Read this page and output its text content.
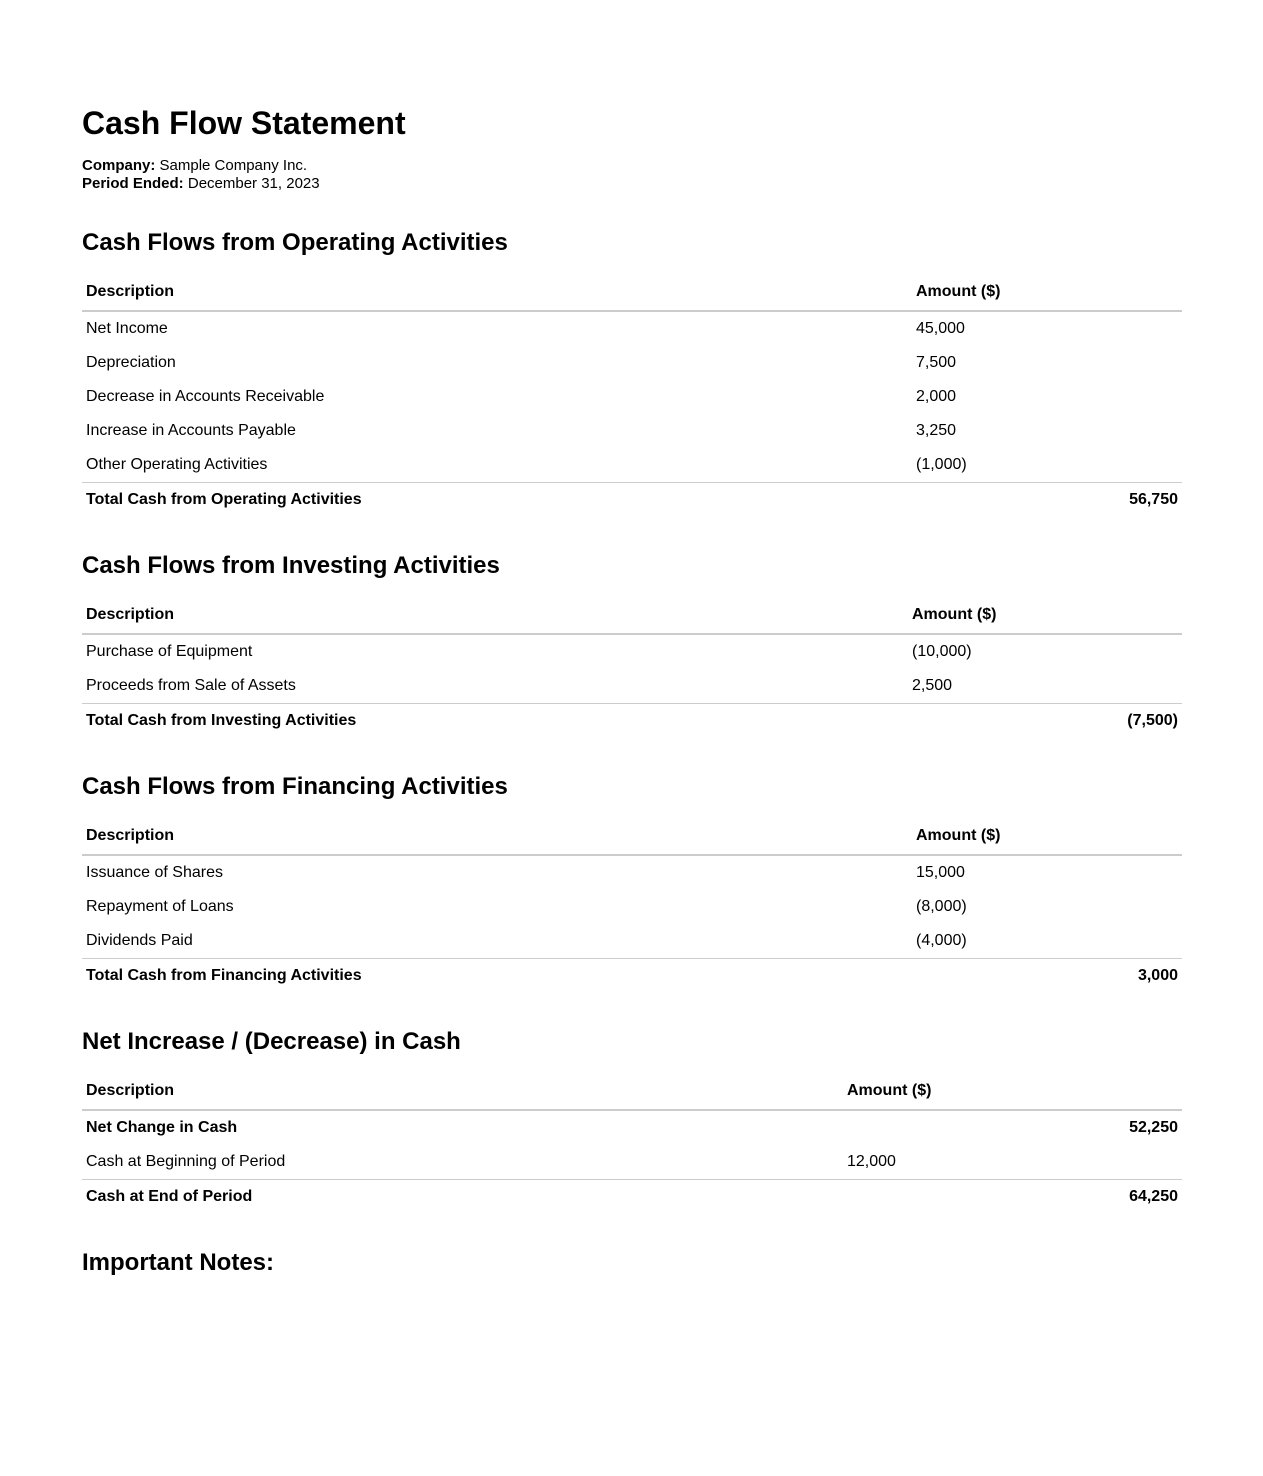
Cash Flow Statement
Company: Sample Company Inc.
Period Ended: December 31, 2023
Cash Flows from Operating Activities
Description	Amount ($)
Net Income	45,000
Depreciation	7,500
Decrease in Accounts Receivable	2,000
Increase in Accounts Payable	3,250
Other Operating Activities	(1,000)
Total Cash from Operating Activities	56,750
Cash Flows from Investing Activities
Description	Amount ($)
Purchase of Equipment	(10,000)
Proceeds from Sale of Assets	2,500
Total Cash from Investing Activities	(7,500)
Cash Flows from Financing Activities
Description	Amount ($)
Issuance of Shares	15,000
Repayment of Loans	(8,000)
Dividends Paid	(4,000)
Total Cash from Financing Activities	3,000
Net Increase / (Decrease) in Cash
Description	Amount ($)
Net Change in Cash	52,250
Cash at Beginning of Period	12,000
Cash at End of Period	64,250
Important Notes:
